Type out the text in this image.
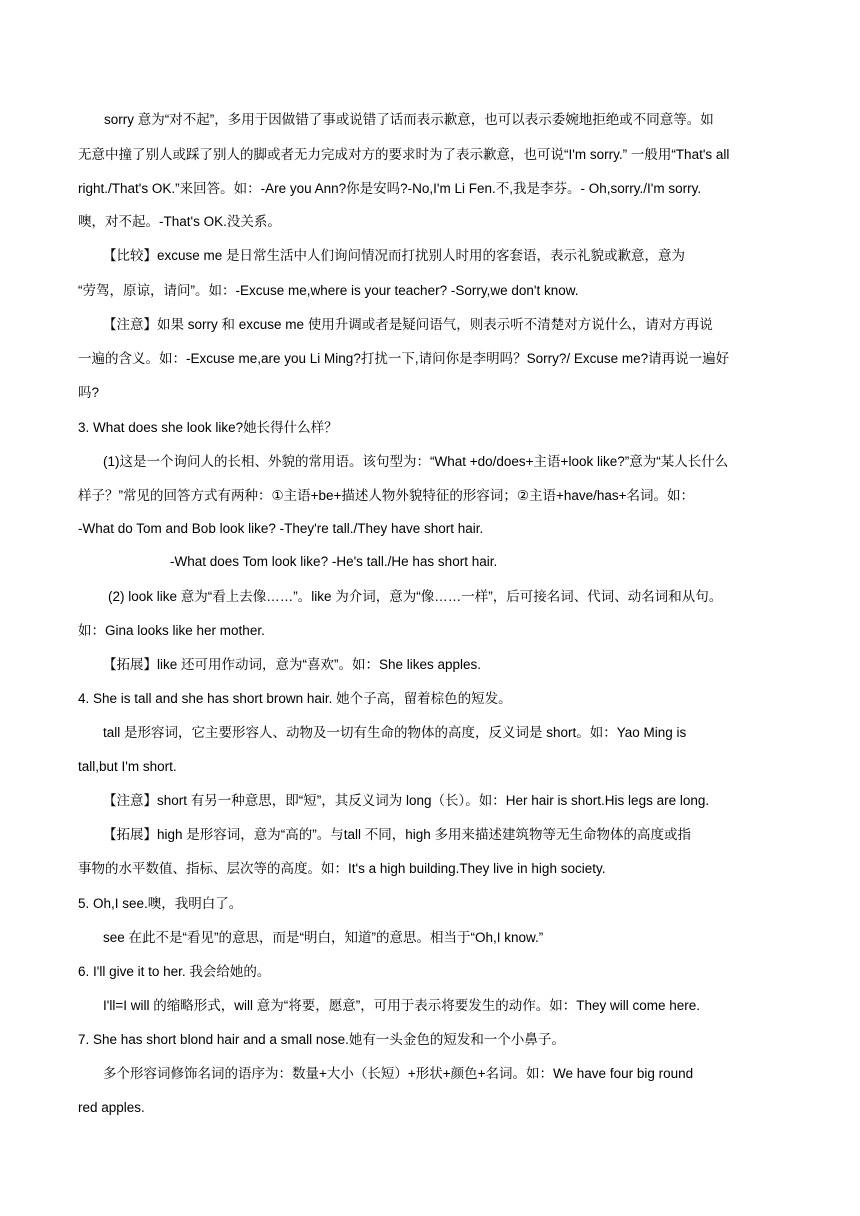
sorry 意为“对不起”，多用于因做错了事或说错了话而表示歉意，也可以表示委婉地拒绝或不同意等。如
无意中撞了别人或踩了别人的脚或者无力完成对方的要求时为了表示歉意，也可说“I'm sorry.” 一般用“That's all
right./That's OK.”来回答。如：-Are you Ann?你是安吗?-No,I'm Li Fen.不,我是李芬。- Oh,sorry./I'm sorry.
噢，对不起。-That's OK.没关系。
【比较】excuse me 是日常生活中人们询问情况而打扰别人时用的客套语，表示礼貌或歉意，意为
“劳驾，原谅，请问”。如：-Excuse me,where is your teacher? -Sorry,we don't know.
【注意】如果 sorry 和 excuse me 使用升调或者是疑问语气，则表示听不清楚对方说什么，请对方再说
一遍的含义。如：-Excuse me,are you Li Ming?打扰一下,请问你是李明吗？Sorry?/ Excuse me?请再说一遍好
吗?
3. What does she look like?她长得什么样？
(1)这是一个询问人的长相、外貌的常用语。该句型为：“What +do/does+主语+look like?”意为“某人长什么
样子？”常见的回答方式有两种：①主语+be+描述人物外貌特征的形容词；②主语+have/has+名词。如：
-What do Tom and Bob look like? -They're tall./They have short hair.
-What does Tom look like? -He's tall./He has short hair.
(2) look like 意为“看上去像……”。like 为介词，意为“像……一样”，后可接名词、代词、动名词和从句。
如：Gina looks like her mother.
【拓展】like 还可用作动词，意为“喜欢”。如：She likes apples.
4. She is tall and she has short brown hair. 她个子高，留着棕色的短发。
tall 是形容词，它主要形容人、动物及一切有生命的物体的高度，反义词是 short。如：Yao Ming is
tall,but I'm short.
【注意】short 有另一种意思，即“短”，其反义词为 long（长）。如：Her hair is short.His legs are long.
【拓展】high 是形容词，意为“高的”。与tall 不同，high 多用来描述建筑物等无生命物体的高度或指
事物的水平数值、指标、层次等的高度。如：It's a high building.They live in high society.
5. Oh,I see.噢，我明白了。
see 在此不是“看见”的意思，而是“明白，知道”的意思。相当于“Oh,I know.”
6. I'll give it to her. 我会给她的。
I'll=I will 的缩略形式，will 意为“将要，愿意”，可用于表示将要发生的动作。如：They will come here.
7. She has short blond hair and a small nose.她有一头金色的短发和一个小鼻子。
多个形容词修饰名词的语序为：数量+大小（长短）+形状+颜色+名词。如：We have four big round
red apples.
